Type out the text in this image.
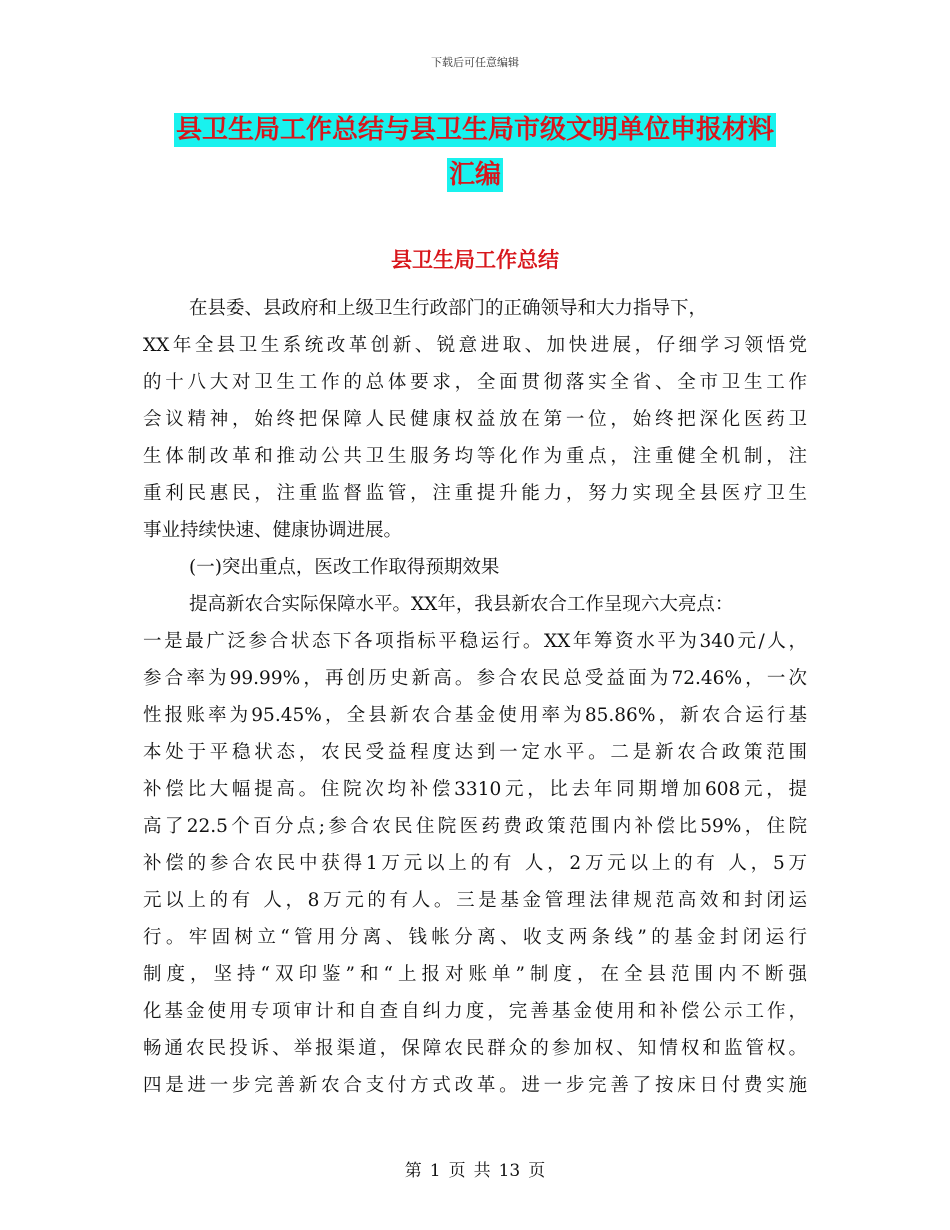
下载后可任意编辑
县卫生局工作总结与县卫生局市级文明单位申报材料
汇编
县卫生局工作总结
在县委、县政府和上级卫生行政部门的正确领导和大力指导下，
XX年全县卫生系统改革创新、锐意进取、加快进展，仔细学习领悟党
的十八大对卫生工作的总体要求，全面贯彻落实全省、全市卫生工作
会议精神，始终把保障人民健康权益放在第一位，始终把深化医药卫
生体制改革和推动公共卫生服务均等化作为重点，注重健全机制，注
重利民惠民，注重监督监管，注重提升能力，努力实现全县医疗卫生
事业持续快速、健康协调进展。
(一)突出重点，医改工作取得预期效果
提高新农合实际保障水平。XX年，我县新农合工作呈现六大亮点：
一是最广泛参合状态下各项指标平稳运行。XX年筹资水平为340元/人，
参合率为99.99%，再创历史新高。参合农民总受益面为72.46%，一次
性报账率为95.45%，全县新农合基金使用率为85.86%，新农合运行基
本处于平稳状态，农民受益程度达到一定水平。二是新农合政策范围
补偿比大幅提高。住院次均补偿3310元，比去年同期增加608元，提
高了22.5个百分点;参合农民住院医药费政策范围内补偿比59%，住院
补偿的参合农民中获得1万元以上的有 人，2万元以上的有 人，5万
元以上的有 人，8万元的有人。三是基金管理法律规范高效和封闭运
行。牢固树立“管用分离、钱帐分离、收支两条线”的基金封闭运行
制度，坚持“双印鉴”和“上报对账单”制度，在全县范围内不断强
化基金使用专项审计和自查自纠力度，完善基金使用和补偿公示工作，
畅通农民投诉、举报渠道，保障农民群众的参加权、知情权和监管权。
四是进一步完善新农合支付方式改革。进一步完善了按床日付费实施
第 1 页 共 13 页
